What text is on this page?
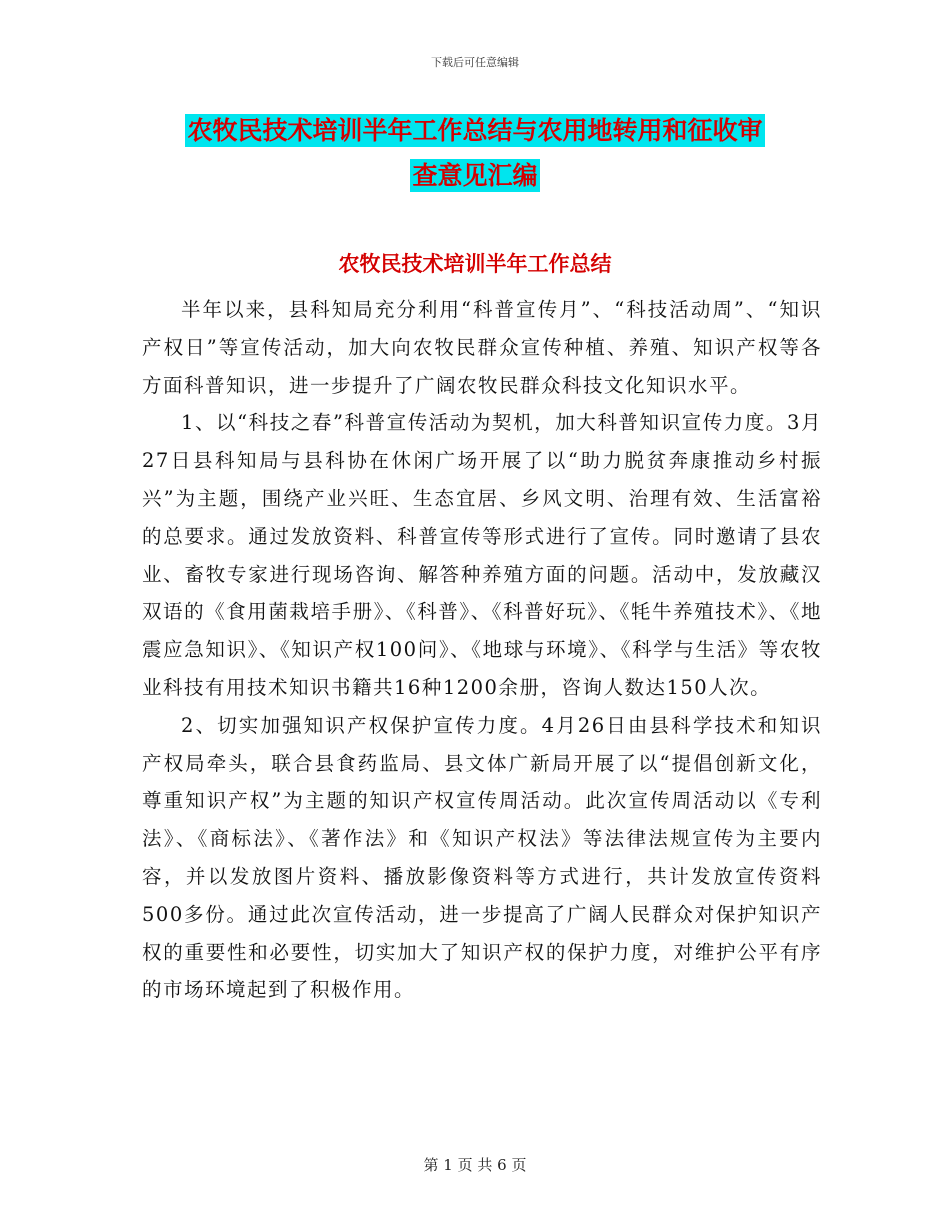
下载后可任意编辑
农牧民技术培训半年工作总结与农用地转用和征收审
查意见汇编
农牧民技术培训半年工作总结

半年以来，县科知局充分利用“科普宣传月”、“科技活动周”、“知识产权日”等宣传活动，加大向农牧民群众宣传种植、养殖、知识产权等各方面科普知识，进一步提升了广阔农牧民群众科技文化知识水平。

1、以“科技之春”科普宣传活动为契机，加大科普知识宣传力度。3月27日县科知局与县科协在休闲广场开展了以“助力脱贫奔康推动乡村振兴”为主题，围绕产业兴旺、生态宜居、乡风文明、治理有效、生活富裕的总要求。通过发放资料、科普宣传等形式进行了宣传。同时邀请了县农业、畜牧专家进行现场咨询、解答种养殖方面的问题。活动中，发放藏汉双语的《食用菌栽培手册》、《科普》、《科普好玩》、《牦牛养殖技术》、《地震应急知识》、《知识产权100问》、《地球与环境》、《科学与生活》等农牧业科技有用技术知识书籍共16种1200余册，咨询人数达150人次。

2、切实加强知识产权保护宣传力度。4月26日由县科学技术和知识产权局牵头，联合县食药监局、县文体广新局开展了以“提倡创新文化，尊重知识产权”为主题的知识产权宣传周活动。此次宣传周活动以《专利法》、《商标法》、《著作法》和《知识产权法》等法律法规宣传为主要内容，并以发放图片资料、播放影像资料等方式进行，共计发放宣传资料500多份。通过此次宣传活动，进一步提高了广阔人民群众对保护知识产权的重要性和必要性，切实加大了知识产权的保护力度，对维护公平有序的市场环境起到了积极作用。

第 1 页 共 6 页
